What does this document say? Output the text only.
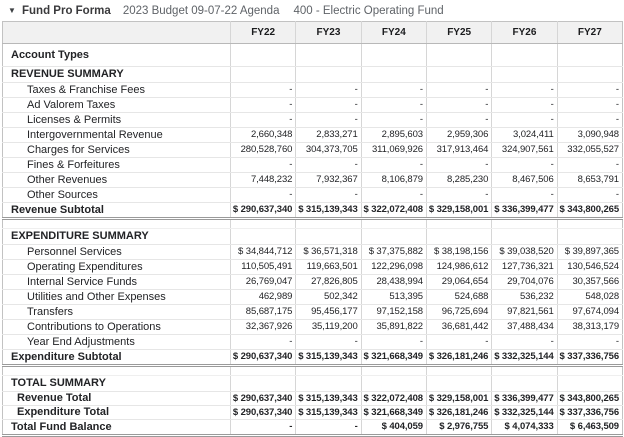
▼ Fund Pro Forma 2023 Budget 09-07-22 Agenda 400 - Electric Operating Fund
	FY22	FY23	FY24	FY25	FY26	FY27
Account Types						
REVENUE SUMMARY						
Taxes & Franchise Fees	-	-	-	-	-	-
Ad Valorem Taxes	-	-	-	-	-	-
Licenses & Permits	-	-	-	-	-	-
Intergovernmental Revenue	2,660,348	2,833,271	2,895,603	2,959,306	3,024,411	3,090,948
Charges for Services	280,528,760	304,373,705	311,069,926	317,913,464	324,907,561	332,055,527
Fines & Forfeitures	-	-	-	-	-	-
Other Revenues	7,448,232	7,932,367	8,106,879	8,285,230	8,467,506	8,653,791
Other Sources	-	-	-	-	-	-
Revenue Subtotal	$ 290,637,340	$ 315,139,343	$ 322,072,408	$ 329,158,001	$ 336,399,477	$ 343,800,265

EXPENDITURE SUMMARY						
Personnel Services	$ 34,844,712	$ 36,571,318	$ 37,375,882	$ 38,198,156	$ 39,038,520	$ 39,897,365
Operating Expenditures	110,505,491	119,663,501	122,296,098	124,986,612	127,736,321	130,546,524
Internal Service Funds	26,769,047	27,826,805	28,438,994	29,064,654	29,704,076	30,357,566
Utilities and Other Expenses	462,989	502,342	513,395	524,688	536,232	548,028
Transfers	85,687,175	95,456,177	97,152,158	96,725,694	97,821,561	97,674,094
Contributions to Operations	32,367,926	35,119,200	35,891,822	36,681,442	37,488,434	38,313,179
Year End Adjustments	-	-	-	-	-	-
Expenditure Subtotal	$ 290,637,340	$ 315,139,343	$ 321,668,349	$ 326,181,246	$ 332,325,144	$ 337,336,756

TOTAL SUMMARY						
Revenue Total	$ 290,637,340	$ 315,139,343	$ 322,072,408	$ 329,158,001	$ 336,399,477	$ 343,800,265
Expenditure Total	$ 290,637,340	$ 315,139,343	$ 321,668,349	$ 326,181,246	$ 332,325,144	$ 337,336,756
Total Fund Balance	-	-	$ 404,059	$ 2,976,755	$ 4,074,333	$ 6,463,509
